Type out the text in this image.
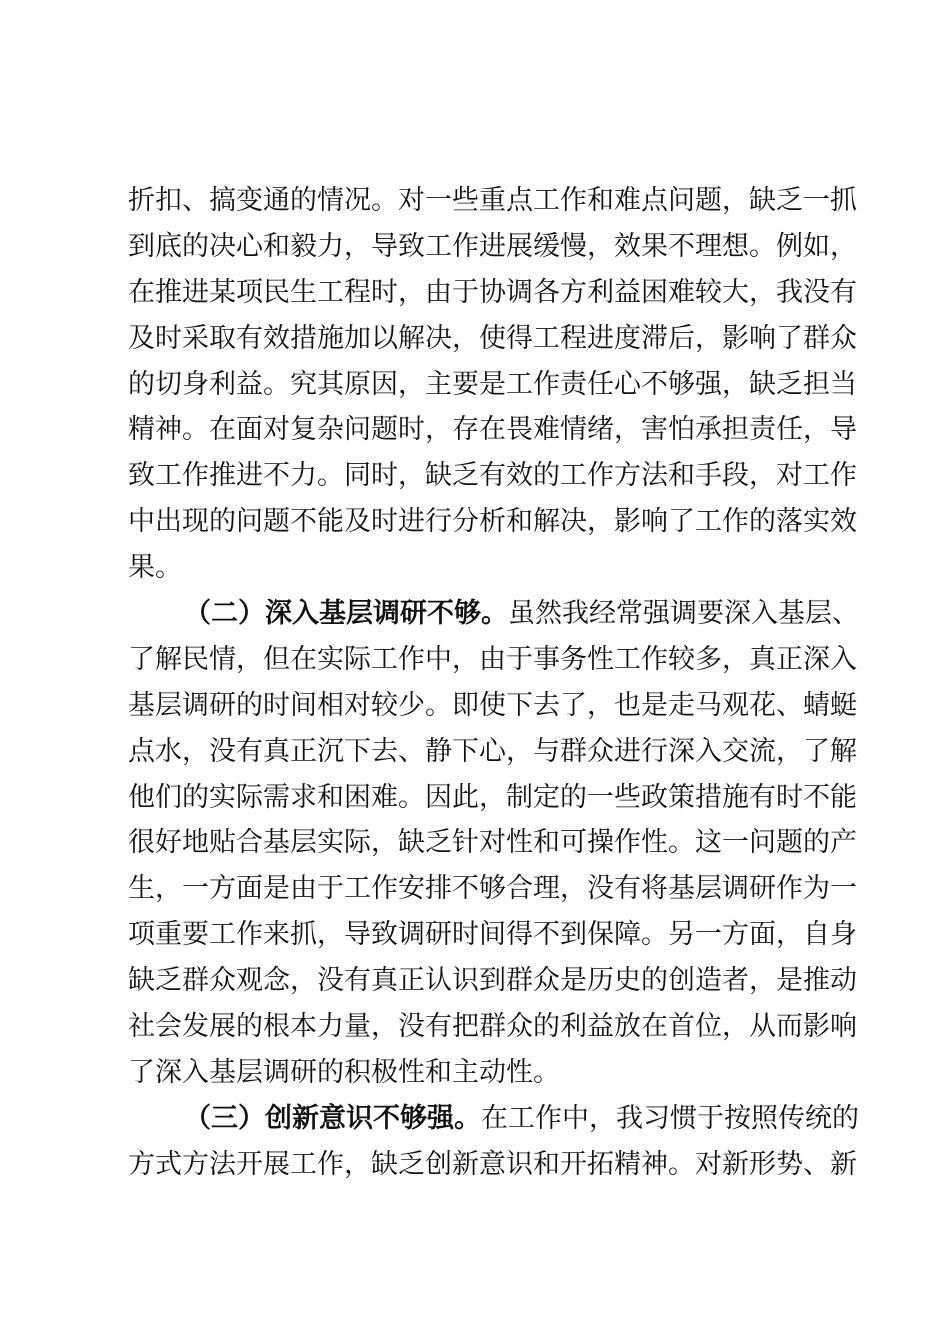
折扣、搞变通的情况。对一些重点工作和难点问题，缺乏一抓
到底的决心和毅力，导致工作进展缓慢，效果不理想。例如，
在推进某项民生工程时，由于协调各方利益困难较大，我没有
及时采取有效措施加以解决，使得工程进度滞后，影响了群众
的切身利益。究其原因，主要是工作责任心不够强，缺乏担当
精神。在面对复杂问题时，存在畏难情绪，害怕承担责任，导
致工作推进不力。同时，缺乏有效的工作方法和手段，对工作
中出现的问题不能及时进行分析和解决，影响了工作的落实效
果。
（二）深入基层调研不够。虽然我经常强调要深入基层、
了解民情，但在实际工作中，由于事务性工作较多，真正深入
基层调研的时间相对较少。即使下去了，也是走马观花、蜻蜓
点水，没有真正沉下去、静下心，与群众进行深入交流，了解
他们的实际需求和困难。因此，制定的一些政策措施有时不能
很好地贴合基层实际，缺乏针对性和可操作性。这一问题的产
生，一方面是由于工作安排不够合理，没有将基层调研作为一
项重要工作来抓，导致调研时间得不到保障。另一方面，自身
缺乏群众观念，没有真正认识到群众是历史的创造者，是推动
社会发展的根本力量，没有把群众的利益放在首位，从而影响
了深入基层调研的积极性和主动性。
（三）创新意识不够强。在工作中，我习惯于按照传统的
方式方法开展工作，缺乏创新意识和开拓精神。对新形势、新
